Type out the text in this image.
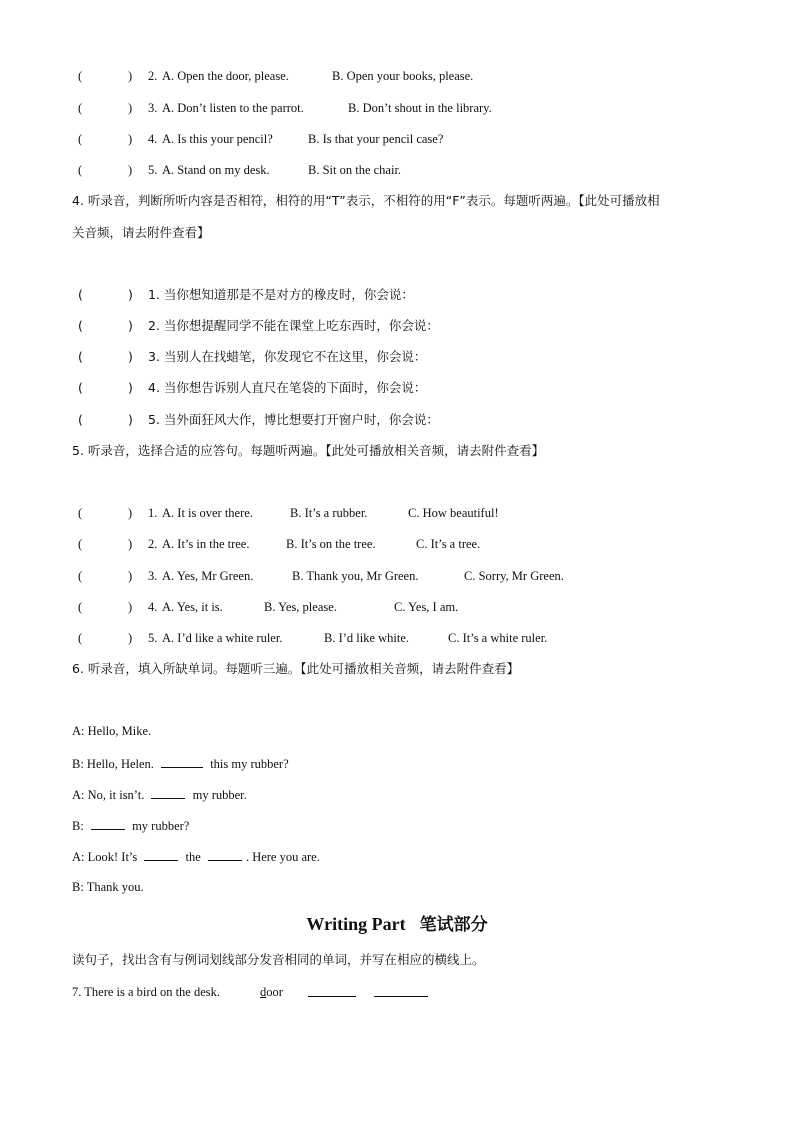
(	) 2. A. Open the door, please.	B. Open your books, please.
(	) 3. A. Don’t listen to the parrot.	B. Don’t shout in the library.
(	) 4. A. Is this your pencil?	B. Is that your pencil case?
(	) 5. A. Stand on my desk.	B. Sit on the chair.
4. 听录音，判断所听内容是否相符，相符的用“T”表示，不相符的用“F”表示。每题听两遍。【此处可播放相
关音频，请去附件查看】
(	) 1. 当你想知道那是不是对方的橡皮时，你会说：
(	) 2. 当你想提醒同学不能在课堂上吃东西时，你会说：
(	) 3. 当别人在找蜡笔，你发现它不在这里，你会说：
(	) 4. 当你想告诉别人直尺在笔袋的下面时，你会说：
(	) 5. 当外面狂风大作，博比想要打开窗户时，你会说：
5. 听录音，选择合适的应答句。每题听两遍。【此处可播放相关音频，请去附件查看】
(	) 1. A. It is over there.	B. It’s a rubber.	C. How beautiful!
(	) 2. A. It’s in the tree.	B. It’s on the tree.	C. It’s a tree.
(	) 3. A. Yes, Mr Green.	B. Thank you, Mr Green.	C. Sorry, Mr Green.
(	) 4. A. Yes, it is.	B. Yes, please.	C. Yes, I am.
(	) 5. A. I’d like a white ruler.	B. I’d like white.	C. It’s a white ruler.
6. 听录音，填入所缺单词。每题听三遍。【此处可播放相关音频，请去附件查看】
A: Hello, Mike.
B: Hello, Helen.	this my rubber?
A: No, it isn’t.	my rubber.
B:	my rubber?
A: Look! It’s	the	. Here you are.
B: Thank you.
Writing Part 笔试部分
读句子，找出含有与例词划线部分发音相同的单词，并写在相应的横线上。
7. There is a bird on the desk.	door
